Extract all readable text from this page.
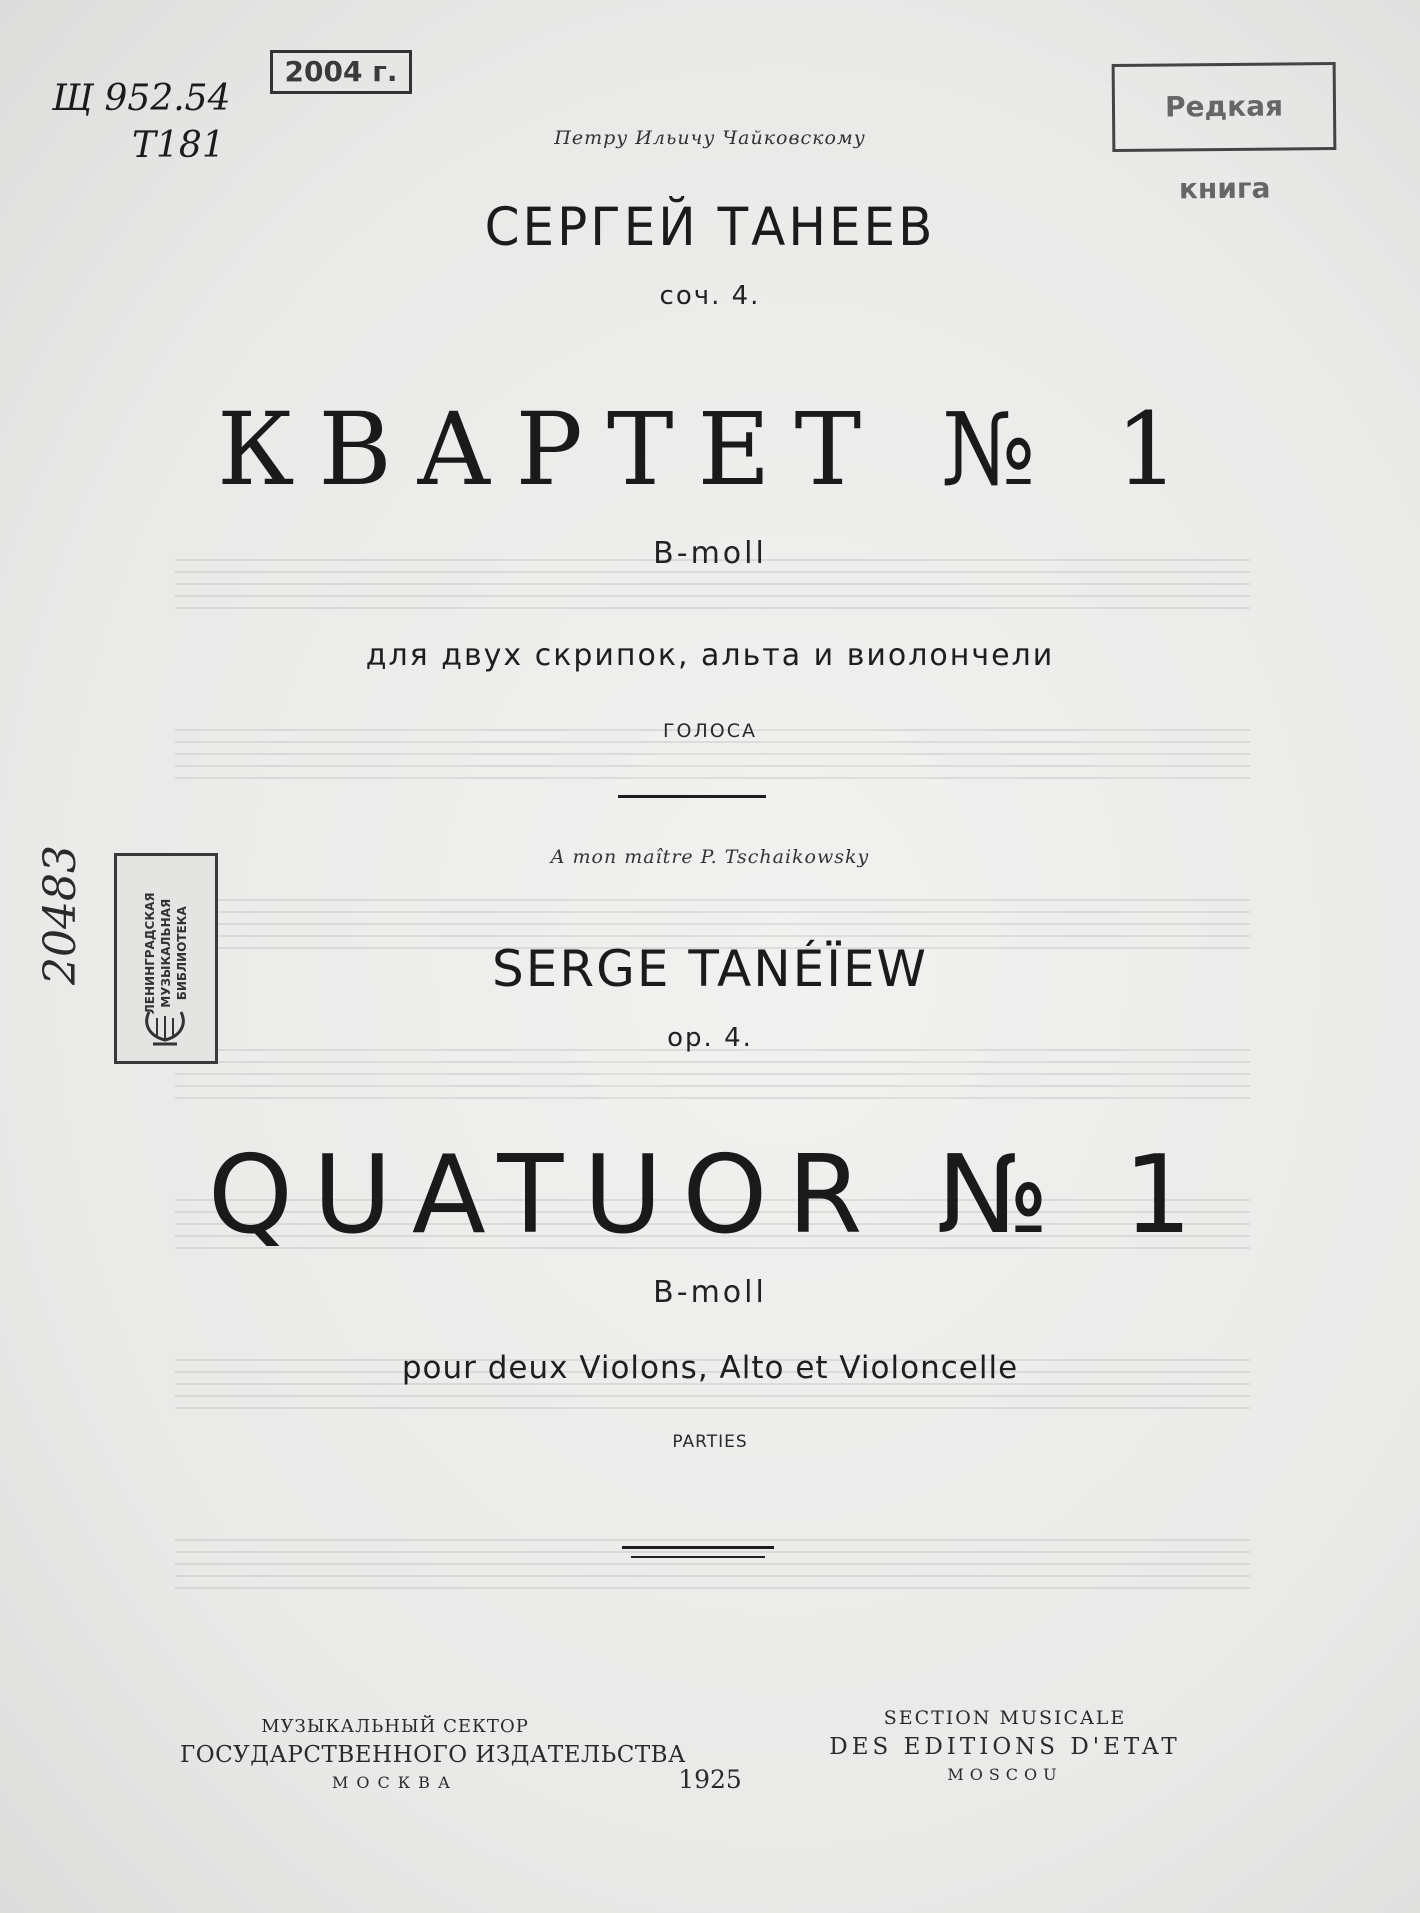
Щ 952.54
Т181
2004 г.
Редкая книга
20483	ЛЕНИНГРАДСКАЯ МУЗЫКАЛЬНАЯ БИБЛИОТЕКА
Петру Ильичу Чайковскому
СЕРГЕЙ ТАНЕЕВ
соч. 4.
КВАРТЕТ № 1
B-moll
для двух скрипок, альта и виолончели
ГОЛОСА
A mon maître P. Tschaikowsky
SERGE TANÉÏEW
op. 4.
QUATUOR № 1
B-moll
pour deux Violons, Alto et Violoncelle
PARTIES
МУЗЫКАЛЬНЫЙ СЕКТОР
ГОСУДАРСТВЕННОГО ИЗДАТЕЛЬСТВА
МОСКВА	1925
SECTION MUSICALE
DES EDITIONS D'ETAT
MOSCOU
